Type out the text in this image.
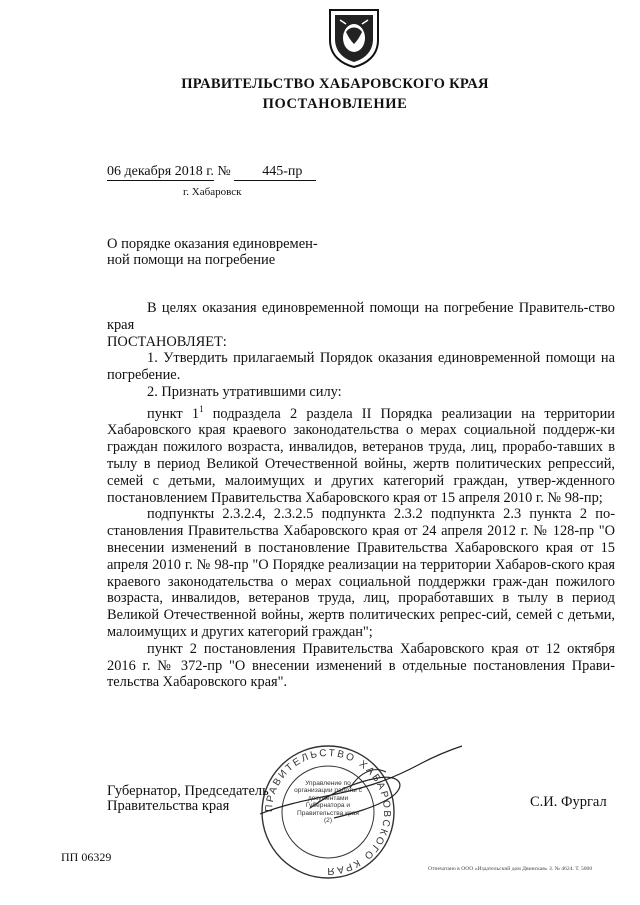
ПРАВИТЕЛЬСТВО ХАБАРОВСКОГО КРАЯ
ПОСТАНОВЛЕНИЕ
06 декабря 2018 г. № 445-пр
г. Хабаровск
О порядке оказания единовремен-
ной помощи на погребение

В целях оказания единовременной помощи на погребение Правитель-ство края

ПОСТАНОВЛЯЕТ:

1. Утвердить прилагаемый Порядок оказания единовременной помощи на погребение.

2. Признать утратившими силу:

пункт $1^1$ подраздела 2 раздела II Порядка реализации на территории Хабаровского края краевого законодательства о мерах социальной поддерж-ки граждан пожилого возраста, инвалидов, ветеранов труда, лиц, прорабо-тавших в тылу в период Великой Отечественной войны, жертв политических репрессий, семей с детьми, малоимущих и других категорий граждан, утвер-жденного постановлением Правительства Хабаровского края от 15 апреля 2010 г. № 98-пр;

подпункты 2.3.2.4, 2.3.2.5 подпункта 2.3.2 подпункта 2.3 пункта 2 по-становления Правительства Хабаровского края от 24 апреля 2012 г. № 128-пр "О внесении изменений в постановление Правительства Хабаровского края от 15 апреля 2010 г. № 98-пр "О Порядке реализации на территории Хабаров-ского края краевого законодательства о мерах социальной поддержки граж-дан пожилого возраста, инвалидов, ветеранов труда, лиц, проработавших в тылу в период Великой Отечественной войны, жертв политических репрес-сий, семей с детьми, малоимущих и других категорий граждан";

пункт 2 постановления Правительства Хабаровского края от 12 октября 2016 г. № 372-пр "О внесении изменений в отдельные постановления Прави-тельства Хабаровского края".

ПРАВИТЕЛЬСТВО ХАБАРОВСКОГО КРАЯ
Управление по организации работы с документами Губернатора и Правительства края
(2)
Губернатор, Председатель
Правительства края	С.И. Фургал
ПП 06329
Отпечатано в ООО «Издательский дом Двинская» З. № 4624. Т. 5000
